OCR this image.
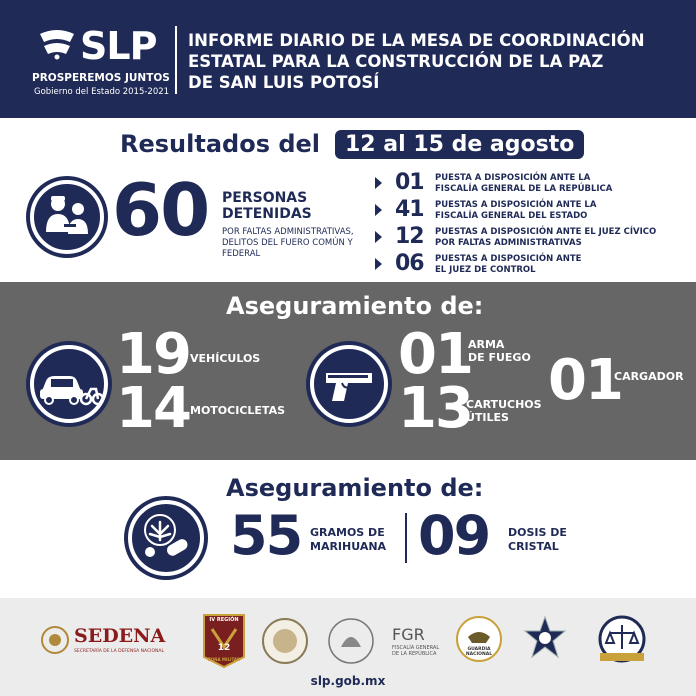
SLP
PROSPEREMOS JUNTOS
Gobierno del Estado 2015-2021
INFORME DIARIO DE LA MESA DE COORDINACIÓN
ESTATAL PARA LA CONSTRUCCIÓN DE LA PAZ
DE SAN LUIS POTOSÍ
Resultados del	12 al 15 de agosto
60 PERSONAS
DETENIDAS
POR FALTAS ADMINISTRATIVAS, DELITOS DEL FUERO COMÚN Y FEDERAL
01 PUESTA A DISPOSICIÓN ANTE LA
FISCALÍA GENERAL DE LA REPÚBLICA
41 PUESTAS A DISPOSICIÓN ANTE LA
FISCALÍA GENERAL DEL ESTADO
12 PUESTAS A DISPOSICIÓN ANTE EL JUEZ CÍVICO
POR FALTAS ADMINISTRATIVAS
06 PUESTAS A DISPOSICIÓN ANTE
EL JUEZ DE CONTROL
Aseguramiento de:
19 VEHÍCULOS
14 MOTOCICLETAS
01
ARMA
DE FUEGO
13
CARTUCHOS
ÚTILES
01
CARGADOR
Aseguramiento de:
55 GRAMOS DE
MARIHUANA 09 DOSIS DE
CRISTAL
SEDENA
SECRETARÍA DE LA DEFENSA NACIONAL
IV REGIÓN
12
ZONA MILITAR
FGR
FISCALÍA GENERAL
DE LA REPÚBLICA
GUARDIA
NACIONAL
slp.gob.mx
